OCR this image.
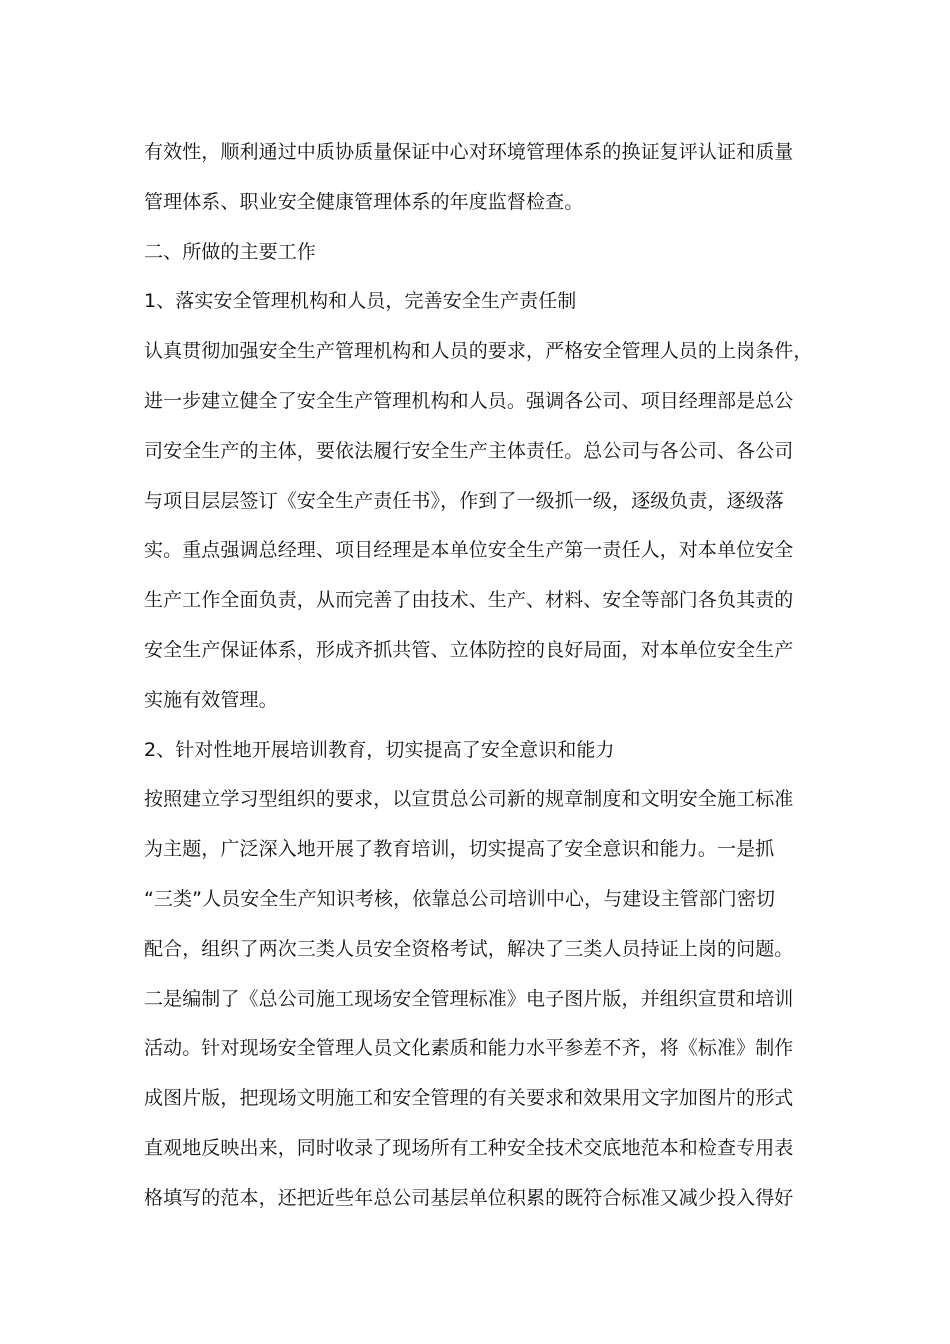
有效性，顺利通过中质协质量保证中心对环境管理体系的换证复评认证和质量

管理体系、职业安全健康管理体系的年度监督检查。

二、所做的主要工作

1、落实安全管理机构和人员，完善安全生产责任制

认真贯彻加强安全生产管理机构和人员的要求，严格安全管理人员的上岗条件，

进一步建立健全了安全生产管理机构和人员。强调各公司、项目经理部是总公

司安全生产的主体，要依法履行安全生产主体责任。总公司与各公司、各公司

与项目层层签订《安全生产责任书》，作到了一级抓一级，逐级负责，逐级落

实。重点强调总经理、项目经理是本单位安全生产第一责任人，对本单位安全

生产工作全面负责，从而完善了由技术、生产、材料、安全等部门各负其责的

安全生产保证体系，形成齐抓共管、立体防控的良好局面，对本单位安全生产

实施有效管理。

2、针对性地开展培训教育，切实提高了安全意识和能力

按照建立学习型组织的要求，以宣贯总公司新的规章制度和文明安全施工标准

为主题，广泛深入地开展了教育培训，切实提高了安全意识和能力。一是抓

“三类”人员安全生产知识考核，依靠总公司培训中心，与建设主管部门密切

配合，组织了两次三类人员安全资格考试，解决了三类人员持证上岗的问题。

二是编制了《总公司施工现场安全管理标准》电子图片版，并组织宣贯和培训

活动。针对现场安全管理人员文化素质和能力水平参差不齐，将《标准》制作

成图片版，把现场文明施工和安全管理的有关要求和效果用文字加图片的形式

直观地反映出来，同时收录了现场所有工种安全技术交底地范本和检查专用表

格填写的范本，还把近些年总公司基层单位积累的既符合标准又减少投入得好
